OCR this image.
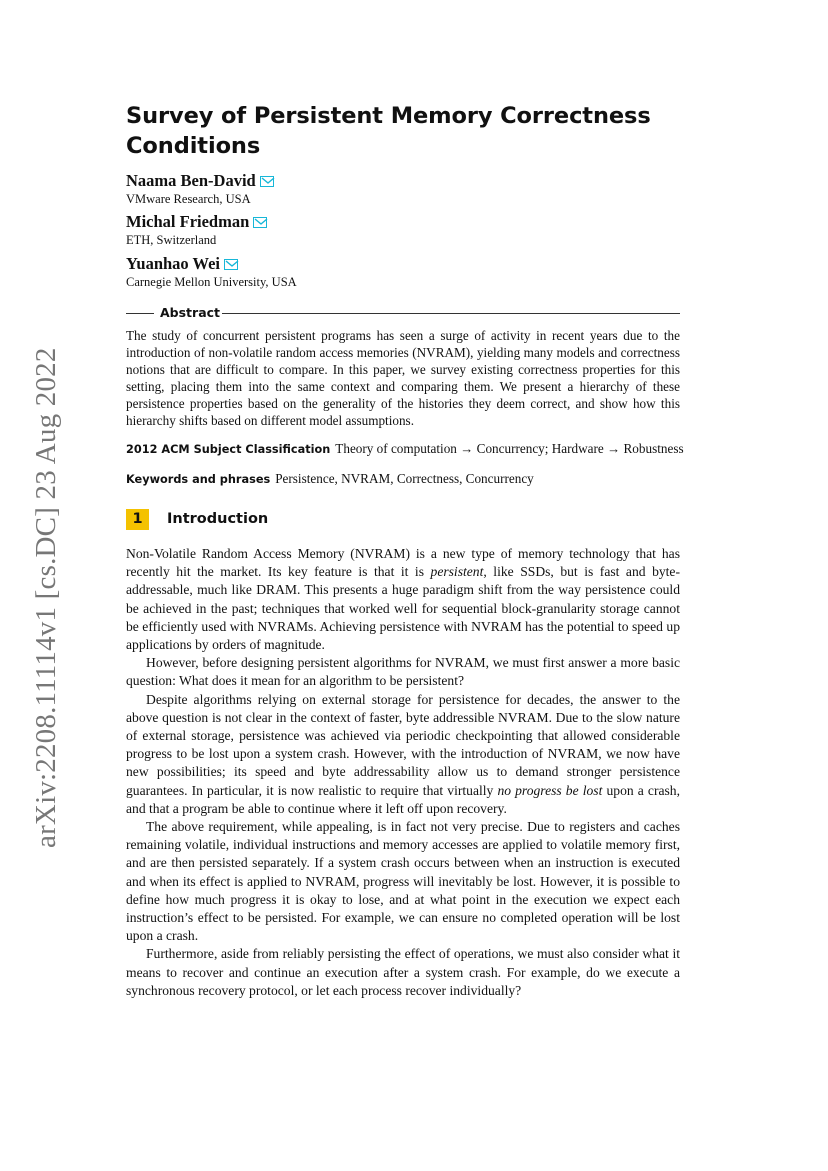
arXiv:2208.11114v1 [cs.DC] 23 Aug 2022
Survey of Persistent Memory Correctness Conditions
Naama Ben-David
VMware Research, USA
Michal Friedman
ETH, Switzerland
Yuanhao Wei
Carnegie Mellon University, USA
Abstract
The study of concurrent persistent programs has seen a surge of activity in recent years due to the introduction of non-volatile random access memories (NVRAM), yielding many models and correctness notions that are difficult to compare. In this paper, we survey existing correctness properties for this setting, placing them into the same context and comparing them. We present a hierarchy of these persistence properties based on the generality of the histories they deem correct, and show how this hierarchy shifts based on different model assumptions.
2012 ACM Subject Classification Theory of computation → Concurrency; Hardware → Robustness
Keywords and phrases Persistence, NVRAM, Correctness, Concurrency
1	Introduction

Non-Volatile Random Access Memory (NVRAM) is a new type of memory technology that has recently hit the market. Its key feature is that it is persistent, like SSDs, but is fast and byte-addressable, much like DRAM. This presents a huge paradigm shift from the way persistence could be achieved in the past; techniques that worked well for sequential block-granularity storage cannot be efficiently used with NVRAMs. Achieving persistence with NVRAM has the potential to speed up applications by orders of magnitude.

However, before designing persistent algorithms for NVRAM, we must first answer a more basic question: What does it mean for an algorithm to be persistent?

Despite algorithms relying on external storage for persistence for decades, the answer to the above question is not clear in the context of faster, byte addressible NVRAM. Due to the slow nature of external storage, persistence was achieved via periodic checkpointing that allowed considerable progress to be lost upon a system crash. However, with the introduction of NVRAM, we now have new possibilities; its speed and byte addressability allow us to demand stronger persistence guarantees. In particular, it is now realistic to require that virtually no progress be lost upon a crash, and that a program be able to continue where it left off upon recovery.

The above requirement, while appealing, is in fact not very precise. Due to registers and caches remaining volatile, individual instructions and memory accesses are applied to volatile memory first, and are then persisted separately. If a system crash occurs between when an instruction is executed and when its effect is applied to NVRAM, progress will inevitably be lost. However, it is possible to define how much progress it is okay to lose, and at what point in the execution we expect each instruction’s effect to be persisted. For example, we can ensure no completed operation will be lost upon a crash.

Furthermore, aside from reliably persisting the effect of operations, we must also consider what it means to recover and continue an execution after a system crash. For example, do we execute a synchronous recovery protocol, or let each process recover individually?
